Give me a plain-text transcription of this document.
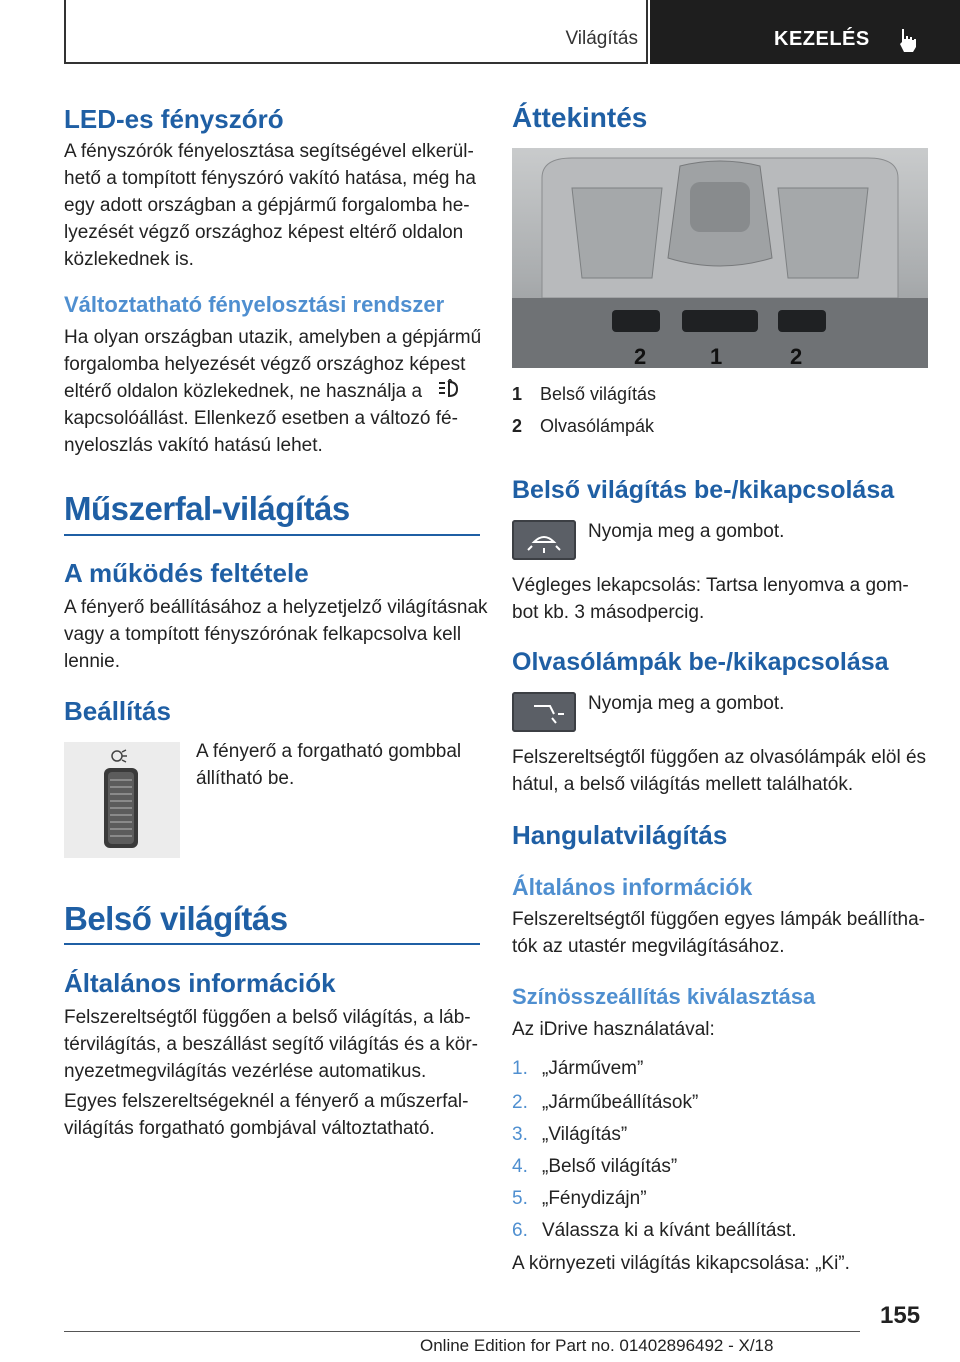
Világítás	KEZELÉS
LED-es fényszóró
A fényszórók fényelosztása segítségével elkerül-
hető a tompított fényszóró vakító hatása, még ha
egy adott országban a gépjármű forgalomba he-
lyezését végző országhoz képest eltérő oldalon
közlekednek is.
Változtatható fényelosztási rendszer
Ha olyan országban utazik, amelyben a gépjármű
forgalomba helyezését végző országhoz képest
eltérő oldalon közlekednek, ne használja a
kapcsolóállást. Ellenkező esetben a változó fé-
nyeloszlás vakító hatású lehet.
Műszerfal-világítás
A működés feltétele
A fényerő beállításához a helyzetjelző világításnak
vagy a tompított fényszórónak felkapcsolva kell
lennie.
Beállítás
A fényerő a forgatható gombbal
állítható be.
Belső világítás
Általános információk
Felszereltségtől függően a belső világítás, a láb-
térvilágítás, a beszállást segítő világítás és a kör-
nyezetmegvilágítás vezérlése automatikus.
Egyes felszereltségeknél a fényerő a műszerfal-
világítás forgatható gombjával változtatható.
Áttekintés
2	1	2
1 Belső világítás
2 Olvasólámpák
Belső világítás be-/kikapcsolása
Nyomja meg a gombot.
Végleges lekapcsolás: Tartsa lenyomva a gom-
bot kb. 3 másodpercig.
Olvasólámpák be-/kikapcsolása
Nyomja meg a gombot.
Felszereltségtől függően az olvasólámpák elöl és
hátul, a belső világítás mellett találhatók.
Hangulatvilágítás
Általános információk
Felszereltségtől függően egyes lámpák beállítha-
tók az utastér megvilágításához.
Színösszeállítás kiválasztása
Az iDrive használatával:
1. „Járművem”
2. „Járműbeállítások”
3. „Világítás”
4. „Belső világítás”
5. „Fénydizájn”
6. Válassza ki a kívánt beállítást.
A környezeti világítás kikapcsolása: „Ki”.
155
Online Edition for Part no. 01402896492 - X/18
